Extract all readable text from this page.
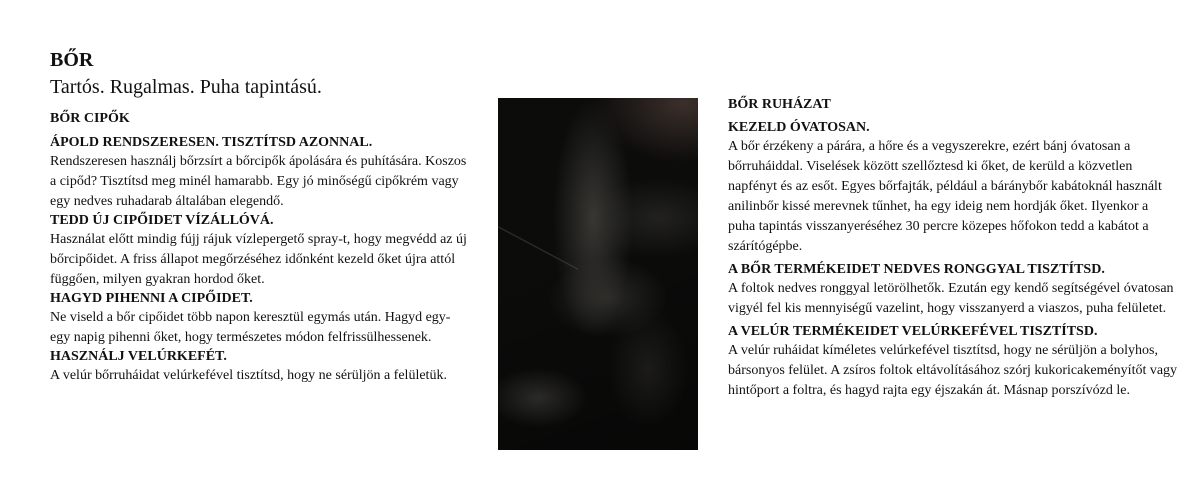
BŐR
Tartós. Rugalmas. Puha tapintású.
BŐR CIPŐK
ÁPOLD RENDSZERESEN. TISZTÍTSD AZONNAL.

Rendszeresen használj bőrzsírt a bőrcipők ápolására és puhítására. Koszos a cipőd? Tisztítsd meg minél hamarabb. Egy jó minőségű cipőkrém vagy egy nedves ruhadarab általában elegendő.

TEDD ÚJ CIPŐIDET VÍZÁLLÓVÁ.

Használat előtt mindig fújj rájuk vízlepergető spray-t, hogy megvédd az új bőrcipőidet. A friss állapot megőrzéséhez időnként kezeld őket újra attól függően, milyen gyakran hordod őket.

HAGYD PIHENNI A CIPŐIDET.

Ne viseld a bőr cipőidet több napon keresztül egymás után. Hagyd egy-egy napig pihenni őket, hogy természetes módon felfrissülhessenek.

HASZNÁLJ VELÚRKEFÉT.

A velúr bőrruháidat velúrkefével tisztítsd, hogy ne sérüljön a felületük.

BŐR RUHÁZAT
KEZELD ÓVATOSAN.

A bőr érzékeny a párára, a hőre és a vegyszerekre, ezért bánj óvatosan a bőrruháiddal. Viselések között szellőztesd ki őket, de kerüld a közvetlen napfényt és az esőt. Egyes bőrfajták, például a báránybőr kabátoknál használt anilinbőr kissé merevnek tűnhet, ha egy ideig nem hordják őket. Ilyenkor a puha tapintás visszanyeréséhez 30 percre közepes hőfokon tedd a kabátot a szárítógépbe.

A BŐR TERMÉKEIDET NEDVES RONGGYAL TISZTÍTSD.

A foltok nedves ronggyal letörölhetők. Ezután egy kendő segítségével óvatosan vigyél fel kis mennyiségű vazelint, hogy visszanyerd a viaszos, puha felületet.

A VELÚR TERMÉKEIDET VELÚRKEFÉVEL TISZTÍTSD.

A velúr ruháidat kíméletes velúrkefével tisztítsd, hogy ne sérüljön a bolyhos, bársonyos felület. A zsíros foltok eltávolításához szórj kukoricakeményítőt vagy hintőport a foltra, és hagyd rajta egy éjszakán át. Másnap porszívózd le.
